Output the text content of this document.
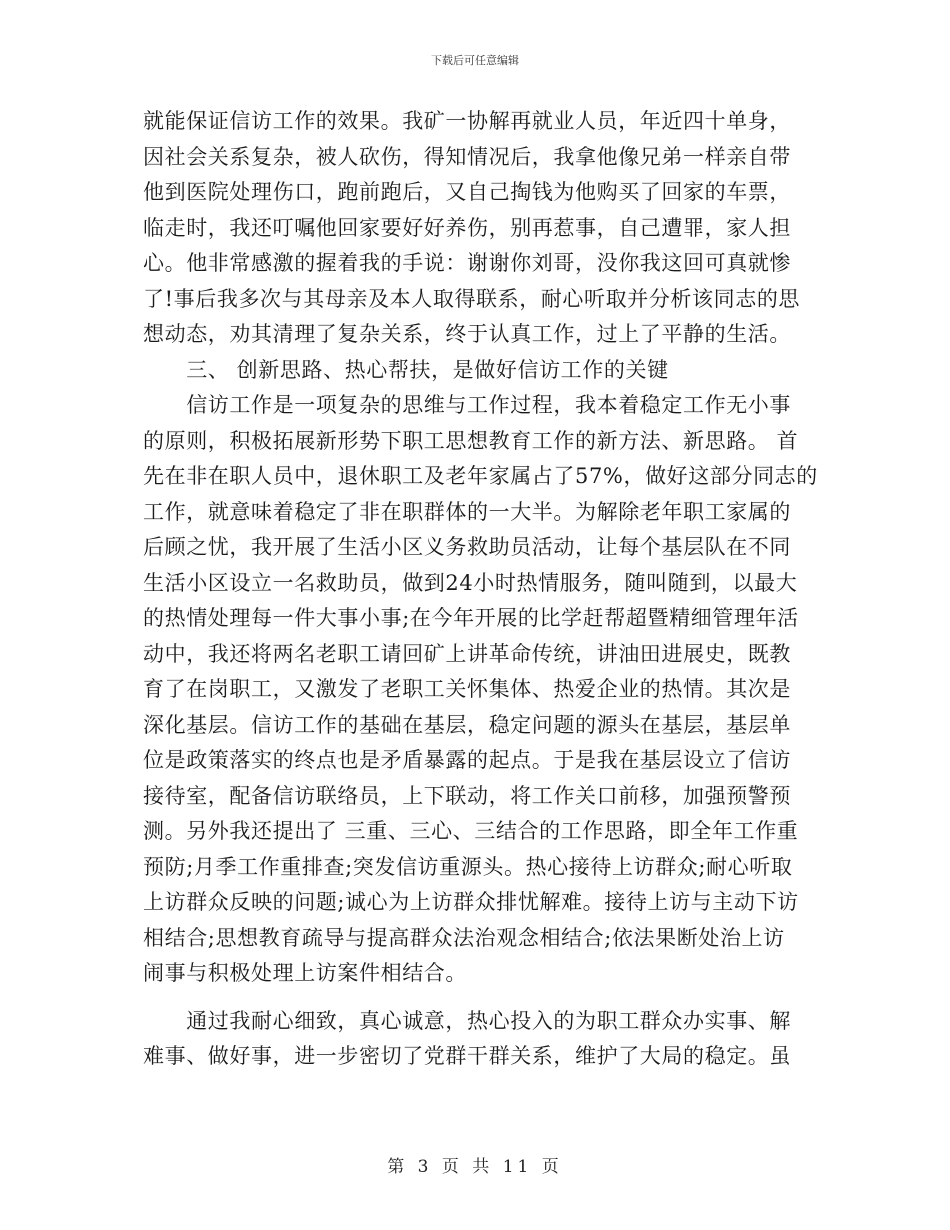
下载后可任意编辑
就能保证信访工作的效果。我矿一协解再就业人员，年近四十单身，
因社会关系复杂，被人砍伤，得知情况后，我拿他像兄弟一样亲自带
他到医院处理伤口，跑前跑后，又自己掏钱为他购买了回家的车票，
临走时，我还叮嘱他回家要好好养伤，别再惹事，自己遭罪，家人担
心。他非常感激的握着我的手说：谢谢你刘哥，没你我这回可真就惨
了!事后我多次与其母亲及本人取得联系，耐心听取并分析该同志的思
想动态，劝其清理了复杂关系，终于认真工作，过上了平静的生活。
　　三、 创新思路、热心帮扶，是做好信访工作的关键
　　信访工作是一项复杂的思维与工作过程，我本着稳定工作无小事
的原则，积极拓展新形势下职工思想教育工作的新方法、新思路。 首
先在非在职人员中，退休职工及老年家属占了57%，做好这部分同志的
工作，就意味着稳定了非在职群体的一大半。为解除老年职工家属的
后顾之忧，我开展了生活小区义务救助员活动，让每个基层队在不同
生活小区设立一名救助员，做到24小时热情服务，随叫随到，以最大
的热情处理每一件大事小事;在今年开展的比学赶帮超暨精细管理年活
动中，我还将两名老职工请回矿上讲革命传统，讲油田进展史，既教
育了在岗职工，又激发了老职工关怀集体、热爱企业的热情。其次是
深化基层。信访工作的基础在基层，稳定问题的源头在基层，基层单
位是政策落实的终点也是矛盾暴露的起点。于是我在基层设立了信访
接待室，配备信访联络员，上下联动，将工作关口前移，加强预警预
测。另外我还提出了 三重、三心、三结合的工作思路，即全年工作重
预防;月季工作重排查;突发信访重源头。热心接待上访群众;耐心听取
上访群众反映的问题;诚心为上访群众排忧解难。接待上访与主动下访
相结合;思想教育疏导与提高群众法治观念相结合;依法果断处治上访
闹事与积极处理上访案件相结合。
　　通过我耐心细致，真心诚意，热心投入的为职工群众办实事、解
难事、做好事，进一步密切了党群干群关系，维护了大局的稳定。虽
第 3 页 共 11 页
